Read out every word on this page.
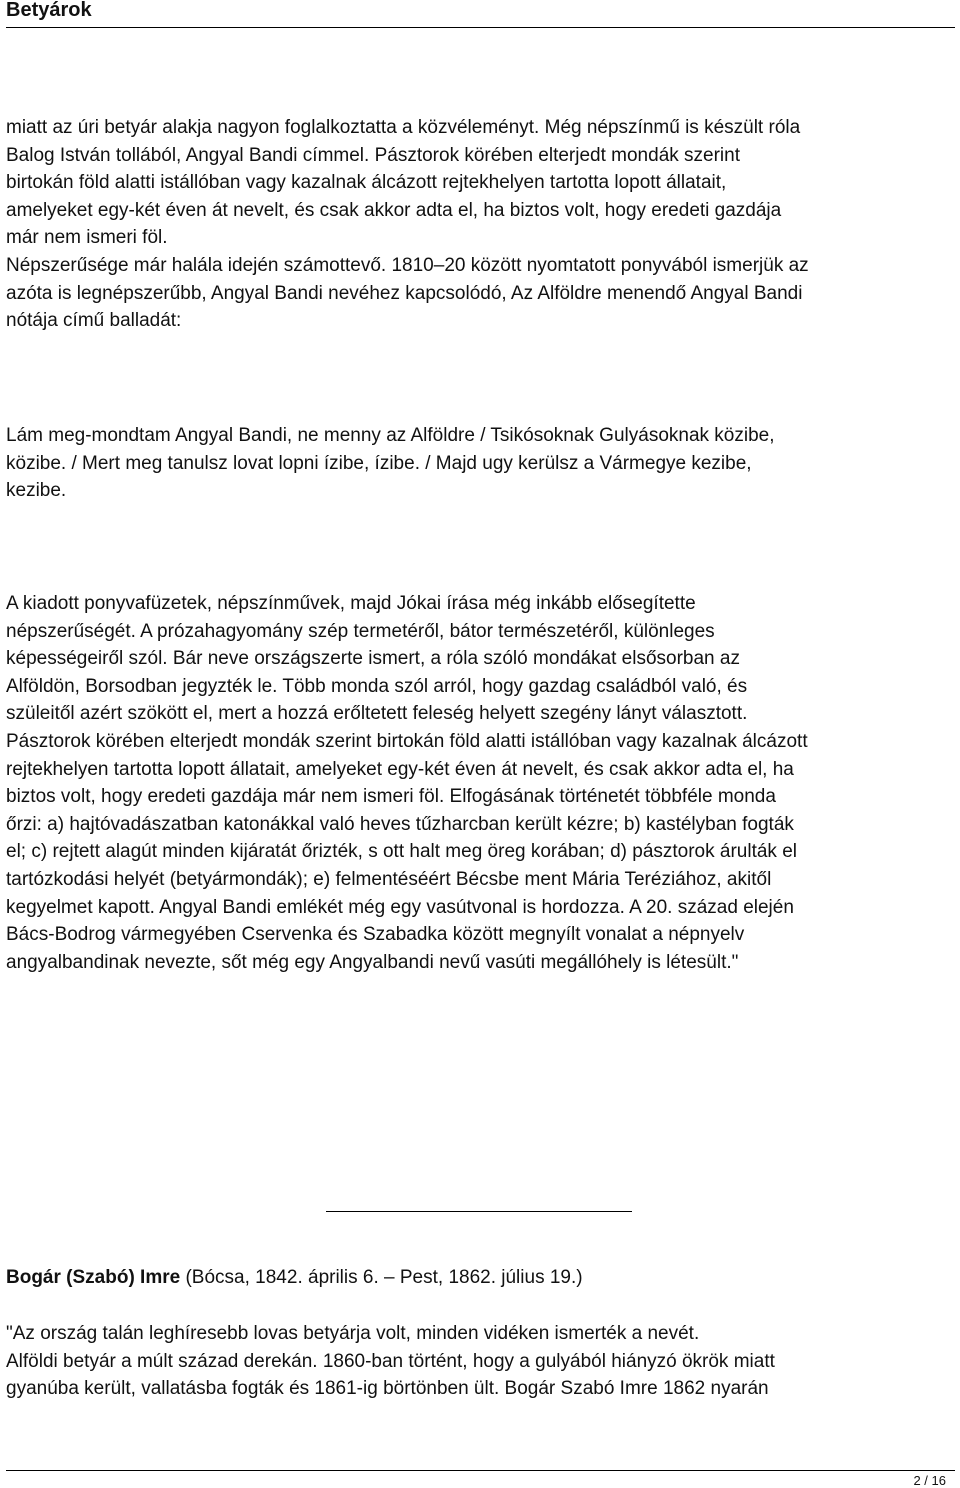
Betyárok

miatt az úri betyár alakja nagyon foglalkoztatta a közvéleményt. Még népszínmű is készült róla
Balog István tollából, Angyal Bandi címmel. Pásztorok körében elterjedt mondák szerint
birtokán föld alatti istállóban vagy kazalnak álcázott rejtekhelyen tartotta lopott állatait,
amelyeket egy-két éven át nevelt, és csak akkor adta el, ha biztos volt, hogy eredeti gazdája
már nem ismeri föl.
Népszerűsége már halála idején számottevő. 1810–20 között nyomtatott ponyvából ismerjük az
azóta is legnépszerűbb, Angyal Bandi nevéhez kapcsolódó, Az Alföldre menendő Angyal Bandi
nótája című balladát:

Lám meg-mondtam Angyal Bandi, ne menny az Alföldre / Tsikósoknak Gulyásoknak közibe,
közibe. / Mert meg tanulsz lovat lopni ízibe, ízibe. / Majd ugy kerülsz a Vármegye kezibe,
kezibe.

A kiadott ponyvafüzetek, népszínművek, majd Jókai írása még inkább elősegítette
népszerűségét. A prózahagyomány szép termetéről, bátor természetéről, különleges
képességeiről szól. Bár neve országszerte ismert, a róla szóló mondákat elsősorban az
Alföldön, Borsodban jegyzték le. Több monda szól arról, hogy gazdag családból való, és
szüleitől azért szökött el, mert a hozzá erőltetett feleség helyett szegény lányt választott.
Pásztorok körében elterjedt mondák szerint birtokán föld alatti istállóban vagy kazalnak álcázott
rejtekhelyen tartotta lopott állatait, amelyeket egy-két éven át nevelt, és csak akkor adta el, ha
biztos volt, hogy eredeti gazdája már nem ismeri föl. Elfogásának történetét többféle monda
őrzi: a) hajtóvadászatban katonákkal való heves tűzharcban került kézre; b) kastélyban fogták
el; c) rejtett alagút minden kijáratát őrizték, s ott halt meg öreg korában; d) pásztorok árulták el
tartózkodási helyét (betyármondák); e) felmentéséért Bécsbe ment Mária Teréziához, akitől
kegyelmet kapott. Angyal Bandi emlékét még egy vasútvonal is hordozza. A 20. század elején
Bács-Bodrog vármegyében Cservenka és Szabadka között megnyílt vonalat a népnyelv
angyalbandinak nevezte, sőt még egy Angyalbandi nevű vasúti megállóhely is létesült."

Bogár (Szabó) Imre (Bócsa, 1842. április 6. – Pest, 1862. július 19.)

"Az ország talán leghíresebb lovas betyárja volt, minden vidéken ismerték a nevét.
Alföldi betyár a múlt század derekán. 1860-ban történt, hogy a gulyából hiányzó ökrök miatt
gyanúba került, vallatásba fogták és 1861-ig börtönben ült. Bogár Szabó Imre 1862 nyarán

2 / 16
